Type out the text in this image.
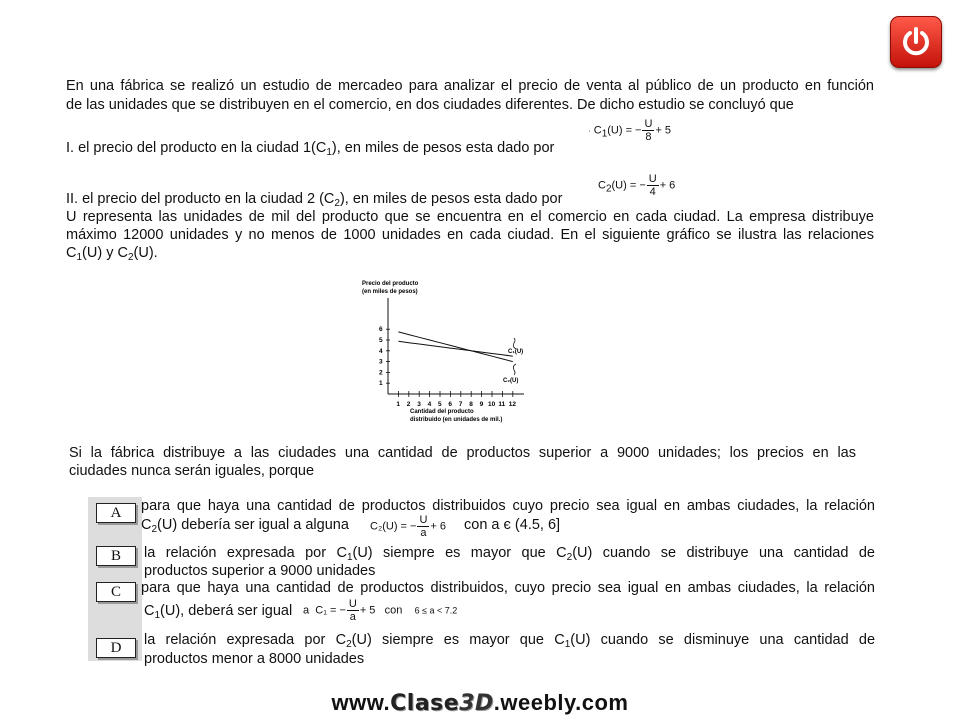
En una fábrica se realizó un estudio de mercadeo para analizar el precio de venta al público de un producto en función
de las unidades que se distribuyen en el comercio, en dos ciudades diferentes. De dicho estudio se concluyó que
I. el precio del producto en la ciudad $1(C_1)$, en miles de pesos esta dado por
· $C_1(U)$ = − $\frac{U}{8} + 5$
II. el precio del producto en la ciudad 2 $(C_2)$, en miles de pesos esta dado por
$C_2(U)$ = − $\frac{U}{4} + 6$
U representa las unidades de mil del producto que se encuentra en el comercio en cada ciudad. La empresa distribuye
máximo 12000 unidades y no menos de 1000 unidades en cada ciudad. En el siguiente gráfico se ilustra las relaciones
$C_1(U)$ y $C_2(U)$.
Precio del producto
(en miles de pesos)
1
2
3
4
5
6
1 2 3 4 5 6 7 8 9 10 11 12
C₁(U)
C₂(U)
Cantidad del producto
distribuido (en unidades de mil.)
Si la fábrica distribuye a las ciudades una cantidad de productos superior a 9000 unidades; los precios en las
ciudades nunca serán iguales, porque
A	para que haya una cantidad de productos distribuidos cuyo precio sea igual en ambas ciudades, la relación
$C_2(U)$ debería ser igual a alguna C₂(U) = − $\frac{U}{a} + 6$ con a є (4.5, 6]
B	la relación expresada por $C_1(U)$ siempre es mayor que $C_2(U)$ cuando se distribuye una cantidad de
productos superior a 9000 unidades
C	para que haya una cantidad de productos distribuidos, cuyo precio sea igual en ambas ciudades, la relación
$C_1(U)$, deberá ser igual a C₁ = − $\frac{U}{a} + 5$ con 6 ≤ a < 7.2
D	la relación expresada por $C_2(U)$ siempre es mayor que $C_1(U)$ cuando se disminuye una cantidad de
productos menor a 8000 unidades
www.Clase3D.weebly.com
